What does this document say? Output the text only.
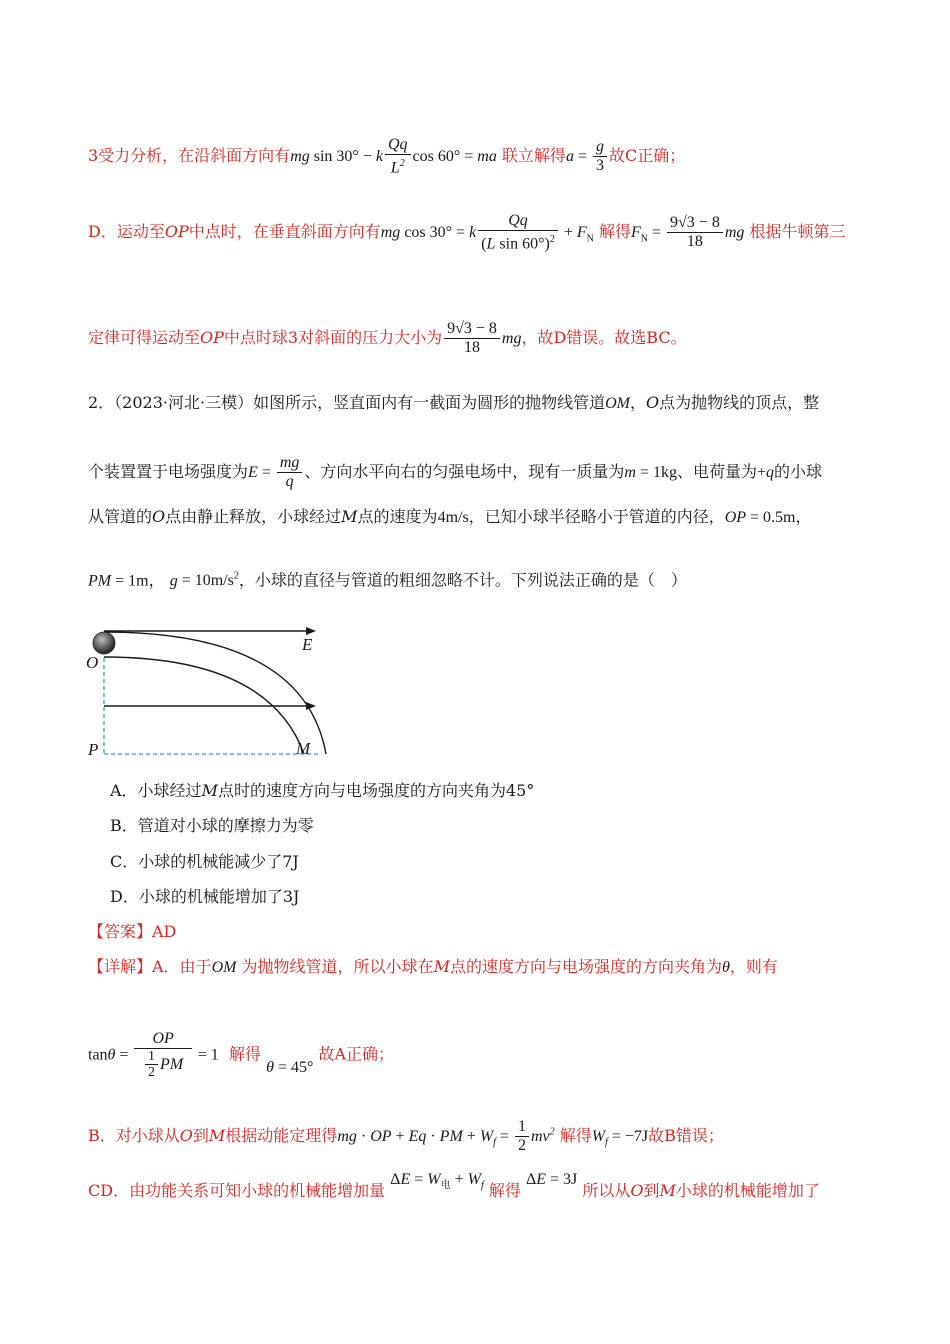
3受力分析，在沿斜面方向有mg sin 30° − k $\frac{Qq}{L^2}$ cos 60° = ma 联立解得$a = \frac{g}{3}$ 故C正确；
D．运动至OP中点时，在垂直斜面方向有mg cos 30° = k $\frac{Qq}{(L \sin 60^\circ)^2} + F_N$ 解得$F_N = \frac{9√3 - 8}{18}$ mg 根据牛顿第三
定律可得运动至OP中点时球3对斜面的压力大小为 $\frac{9√3 - 8}{18}$ mg，故D错误。故选BC。
2．（2023·河北·三模）如图所示，竖直面内有一截面为圆形的抛物线管道OM，O点为抛物线的顶点，整
个装置置于电场强度为$E = \frac{mg}{q}$ 、方向水平向右的匀强电场中，现有一质量为m = 1kg、电荷量为+q的小球
从管道的O点由静止释放，小球经过M点的速度为4m/s，已知小球半径略小于管道的内径，OP = 0.5m，
PM = 1m， $g = 10m/s^2$，小球的直径与管道的粗细忽略不计。下列说法正确的是（　）
E
O
P	M
A．小球经过M点时的速度方向与电场强度的方向夹角为45°
B．管道对小球的摩擦力为零
C．小球的机械能减少了7J
D．小球的机械能增加了3J
【答案】AD
【详解】A．由于OM 为抛物线管道，所以小球在M点的速度方向与电场强度的方向夹角为θ，则有
$\tan\theta = \frac{OP}{\frac{1}{2} PM} = 1$ 解得 θ = 45° 故A正确；
B．对小球从O到M根据动能定理得mg · OP + Eq · PM + $W_f = \frac{1}{2} mv^2$ 解得$W_f = -7J$故B错误；
CD．由功能关系可知小球的机械能增加量 $\Delta E = W_电 + W_f$ 解得 ΔE = 3J 所以从O到M小球的机械能增加了
